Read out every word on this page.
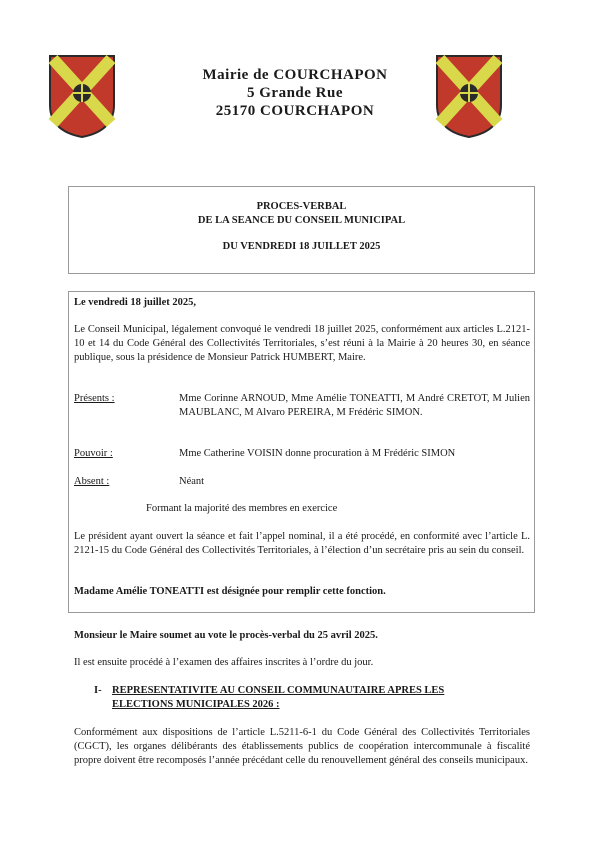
Mairie de COURCHAPON
5 Grande Rue
25170 COURCHAPON
PROCES-VERBAL
DE LA SEANCE DU CONSEIL MUNICIPAL
DU VENDREDI 18 JUILLET 2025
Le vendredi 18 juillet 2025,
Le Conseil Municipal, légalement convoqué le vendredi 18 juillet 2025, conformément aux articles L.2121-10 et 14 du Code Général des Collectivités Territoriales, s’est réuni à la Mairie à 20 heures 30, en séance publique, sous la présidence de Monsieur Patrick HUMBERT, Maire.
Présents :	Mme Corinne ARNOUD, Mme Amélie TONEATTI, M André CRETOT, M Julien MAUBLANC, M Alvaro PEREIRA, M Frédéric SIMON.
Pouvoir :	Mme Catherine VOISIN donne procuration à M Frédéric SIMON
Absent :	Néant
Formant la majorité des membres en exercice
Le président ayant ouvert la séance et fait l’appel nominal, il a été procédé, en conformité avec l’article L. 2121-15 du Code Général des Collectivités Territoriales, à l’élection d’un secrétaire pris au sein du conseil.
Madame Amélie TONEATTI est désignée pour remplir cette fonction.
Monsieur le Maire soumet au vote le procès-verbal du 25 avril 2025.
Il est ensuite procédé à l’examen des affaires inscrites à l’ordre du jour.
I- REPRESENTATIVITE AU CONSEIL COMMUNAUTAIRE APRES LES
ELECTIONS MUNICIPALES 2026 :
Conformément aux dispositions de l’article L.5211-6-1 du Code Général des Collectivités Territoriales (CGCT), les organes délibérants des établissements publics de coopération intercommunale à fiscalité propre doivent être recomposés l’année précédant celle du renouvellement général des conseils municipaux.
